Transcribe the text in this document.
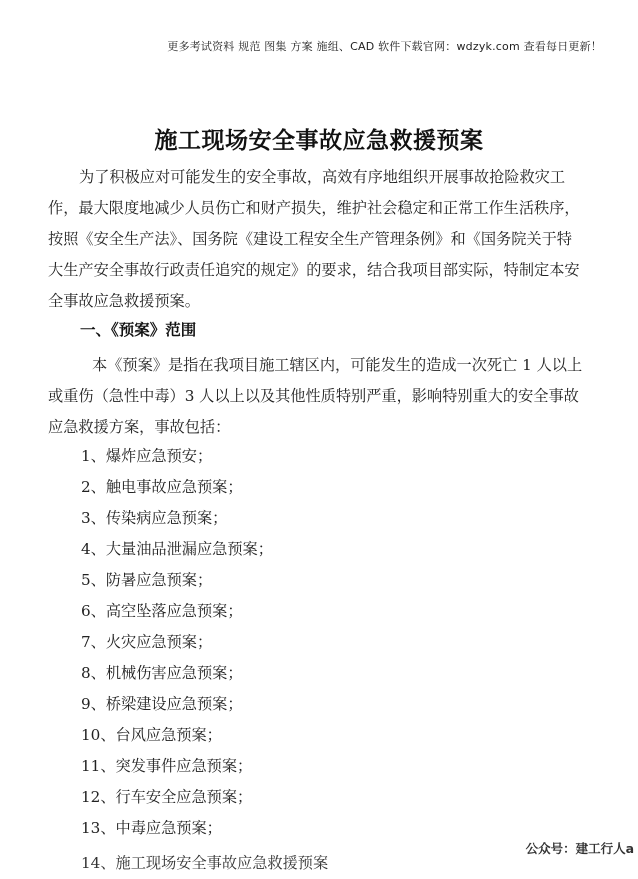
更多考试资料 规范 图集 方案 施组、CAD 软件下载官网：wdzyk.com 查看每日更新！
施工现场安全事故应急救援预案
为了积极应对可能发生的安全事故，高效有序地组织开展事故抢险救灾工
作，最大限度地减少人员伤亡和财产损失，维护社会稳定和正常工作生活秩序，
按照《安全生产法》、国务院《建设工程安全生产管理条例》和《国务院关于特
大生产安全事故行政责任追究的规定》的要求，结合我项目部实际，特制定本安
全事故应急救援预案。
一、《预案》范围
本《预案》是指在我项目施工辖区内，可能发生的造成一次死亡 1 人以上
或重伤（急性中毒）3 人以上以及其他性质特别严重，影响特别重大的安全事故
应急救援方案，事故包括：
1、爆炸应急预安；
2、触电事故应急预案；
3、传染病应急预案；
4、大量油品泄漏应急预案；
5、防暑应急预案；
6、高空坠落应急预案；
7、火灾应急预案；
8、机械伤害应急预案；
9、桥梁建设应急预案；
10、台风应急预案；
11、突发事件应急预案；
12、行车安全应急预案；
13、中毒应急预案；
14、施工现场安全事故应急救援预案
公众号：建工行人a
